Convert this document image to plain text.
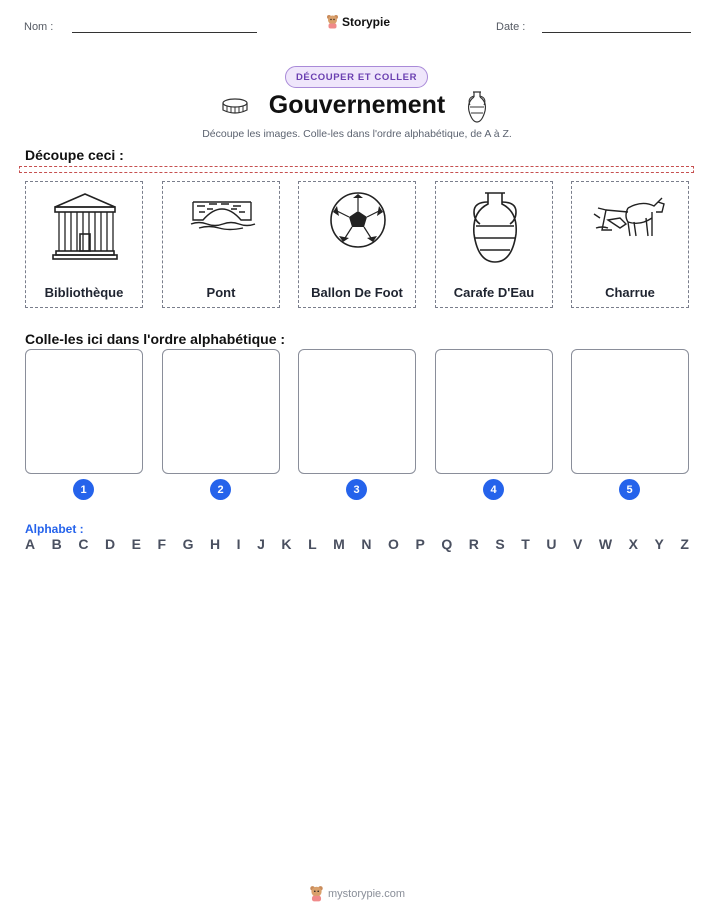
Nom :	Storypie	Date :
DÉCOUPER ET COLLER
Gouvernement
Découpe les images. Colle-les dans l'ordre alphabétique, de A à Z.
Découpe ceci :
Bibliothèque	Pont	Ballon De Foot	Carafe D'Eau	Charrue
Colle-les ici dans l'ordre alphabétique :
1	2	3	4	5
Alphabet :
A B C D E F G H I J K L M N O P Q R S T U V W X Y Z
mystorypie.com
